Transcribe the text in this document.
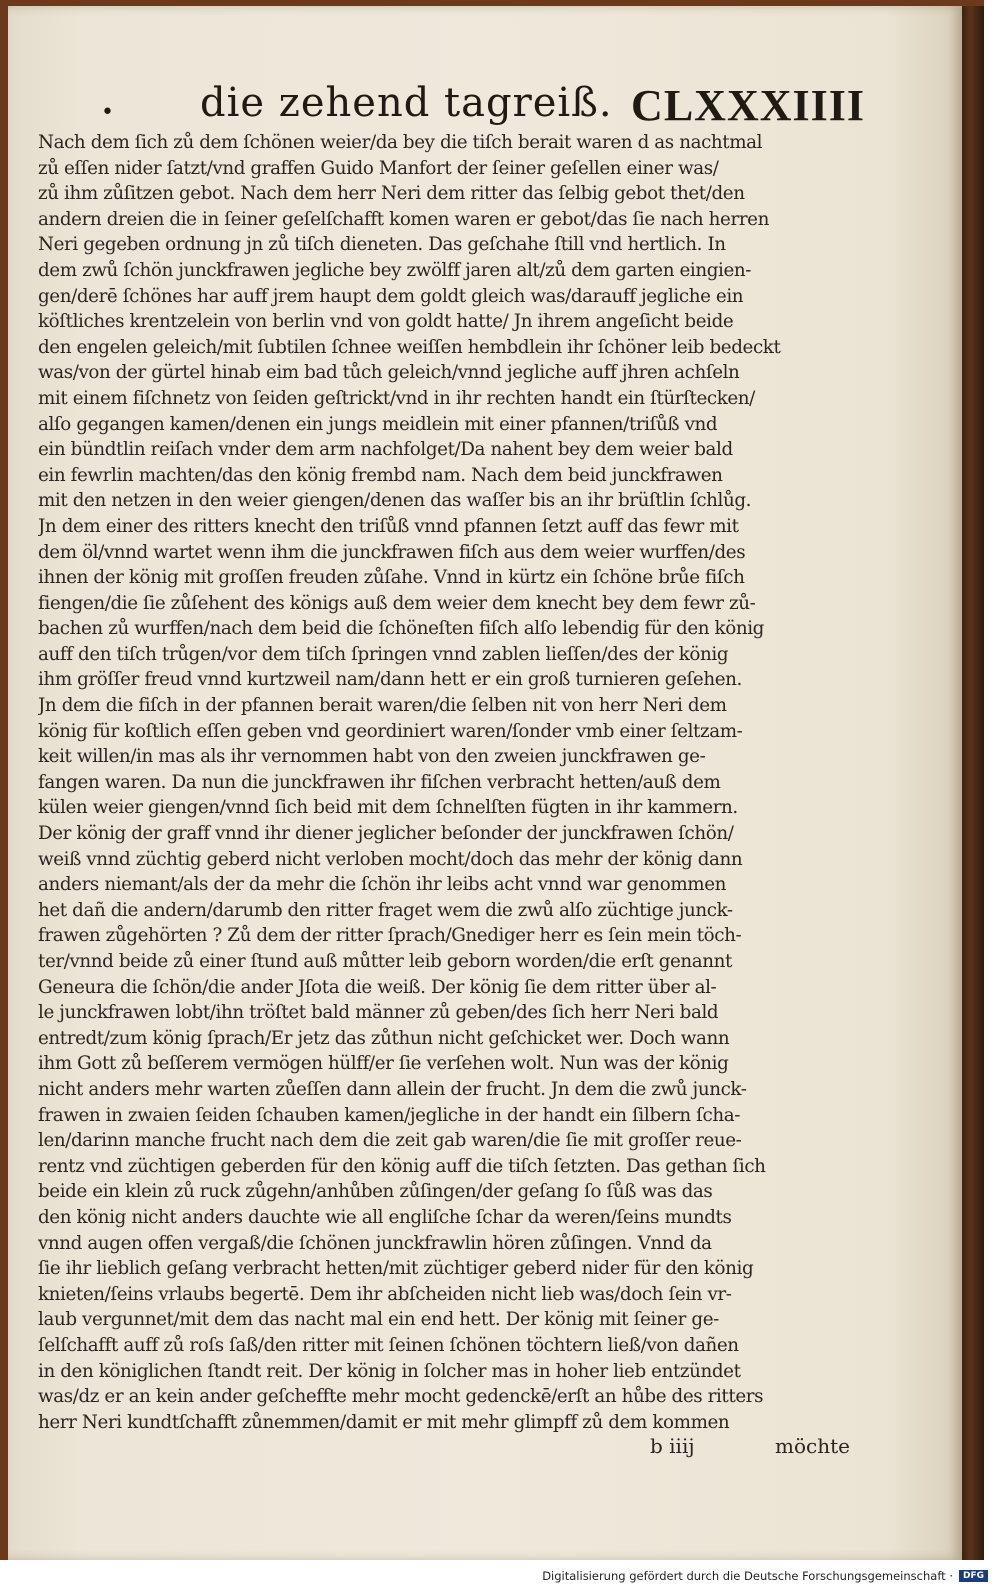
• die zehend tagreiß. CLXXXIIII
Nach dem ſich zů dem ſchönen weier/da bey die tiſch berait waren d as nachtmal
zů eſſen nider ſatzt/vnd graffen Guido Manfort der ſeiner geſellen einer was/
zů ihm zůſitzen gebot. Nach dem herr Neri dem ritter das ſelbig gebot thet/den
andern dreien die in ſeiner geſelſchafft komen waren er gebot/das ſie nach herren
Neri gegeben ordnung jn zů tiſch dieneten. Das geſchahe ſtill vnd hertlich. In
dem zwů ſchön junckfrawen jegliche bey zwölff jaren alt/zů dem garten eingien-
gen/derē ſchönes har auff jrem haupt dem goldt gleich was/darauff jegliche ein
köſtliches krentzelein von berlin vnd von goldt hatte/ Jn ihrem angeſicht beide
den engelen geleich/mit ſubtilen ſchnee weiſſen hembdlein ihr ſchöner leib bedeckt
was/von der gürtel hinab eim bad tůch geleich/vnnd jegliche auff jhren achſeln
mit einem fiſchnetz von ſeiden geſtrickt/vnd in ihr rechten handt ein ſtürſtecken/
alſo gegangen kamen/denen ein jungs meidlein mit einer pfannen/triſůß vnd
ein bündtlin reiſach vnder dem arm nachfolget/Da nahent bey dem weier bald
ein fewrlin machten/das den könig frembd nam. Nach dem beid junckfrawen
mit den netzen in den weier giengen/denen das waſſer bis an ihr brüſtlin ſchlůg.
Jn dem einer des ritters knecht den triſůß vnnd pfannen ſetzt auff das fewr mit
dem öl/vnnd wartet wenn ihm die junckfrawen fiſch aus dem weier wurffen/des
ihnen der könig mit groſſen freuden zůſahe. Vnnd in kürtz ein ſchöne brůe fiſch
fiengen/die ſie zůſehent des königs auß dem weier dem knecht bey dem fewr zů-
bachen zů wurffen/nach dem beid die ſchöneſten fiſch alſo lebendig für den könig
auff den tiſch trůgen/vor dem tiſch ſpringen vnnd zablen lieſſen/des der könig
ihm gröſſer freud vnnd kurtzweil nam/dann hett er ein groß turnieren geſehen.
Jn dem die fiſch in der pfannen berait waren/die ſelben nit von herr Neri dem
könig für koſtlich eſſen geben vnd geordiniert waren/ſonder vmb einer ſeltzam-
keit willen/in mas als ihr vernommen habt von den zweien junckfrawen ge-
fangen waren. Da nun die junckfrawen ihr fiſchen verbracht hetten/auß dem
külen weier giengen/vnnd ſich beid mit dem ſchnelſten fügten in ihr kammern.
Der könig der graff vnnd ihr diener jeglicher beſonder der junckfrawen ſchön/
weiß vnnd züchtig geberd nicht verloben mocht/doch das mehr der könig dann
anders niemant/als der da mehr die ſchön ihr leibs acht vnnd war genommen
het dañ die andern/darumb den ritter fraget wem die zwů alſo züchtige junck-
frawen zůgehörten ? Zů dem der ritter ſprach/Gnediger herr es ſein mein töch-
ter/vnnd beide zů einer ſtund auß můtter leib geborn worden/die erſt genannt
Geneura die ſchön/die ander Jſota die weiß. Der könig ſie dem ritter über al-
le junckfrawen lobt/ihn tröſtet bald männer zů geben/des ſich herr Neri bald
entredt/zum könig ſprach/Er jetz das zůthun nicht geſchicket wer. Doch wann
ihm Gott zů beſſerem vermögen hülff/er ſie verſehen wolt. Nun was der könig
nicht anders mehr warten zůeſſen dann allein der frucht. Jn dem die zwů junck-
frawen in zwaien ſeiden ſchauben kamen/jegliche in der handt ein ſilbern ſcha-
len/darinn manche frucht nach dem die zeit gab waren/die ſie mit groſſer reue-
rentz vnd züchtigen geberden für den könig auff die tiſch ſetzten. Das gethan ſich
beide ein klein zů ruck zůgehn/anhůben zůſingen/der geſang ſo ſůß was das
den könig nicht anders dauchte wie all engliſche ſchar da weren/ſeins mundts
vnnd augen offen vergaß/die ſchönen junckfrawlin hören zůſingen. Vnnd da
ſie ihr lieblich geſang verbracht hetten/mit züchtiger geberd nider für den könig
knieten/ſeins vrlaubs begertē. Dem ihr abſcheiden nicht lieb was/doch ſein vr-
laub vergunnet/mit dem das nacht mal ein end hett. Der könig mit ſeiner ge-
ſelſchafft auff zů roſs ſaß/den ritter mit ſeinen ſchönen töchtern ließ/von dañen
in den königlichen ſtandt reit. Der könig in ſolcher mas in hoher lieb entzündet
was/dz er an kein ander geſcheffte mehr mocht gedenckē/erſt an hůbe des ritters
herr Neri kundtſchafft zůnemmen/damit er mit mehr glimpff zů dem kommen
b iiij	möchte
Digitalisierung gefördert durch die Deutsche Forschungsgemeinschaft ·	DFG
